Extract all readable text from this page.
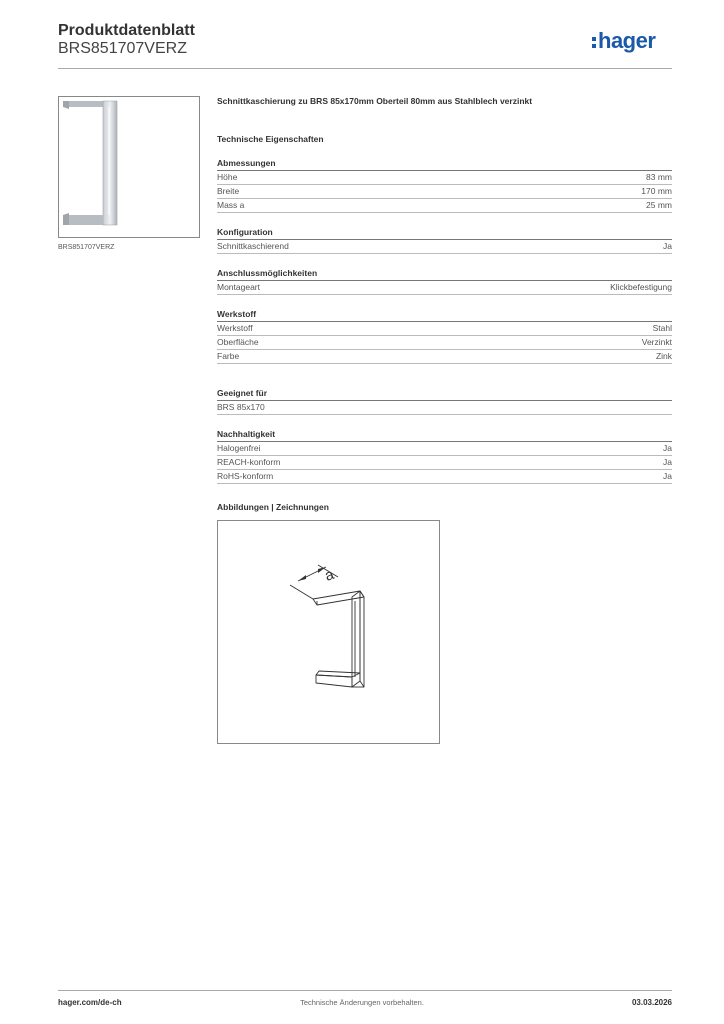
Produktdatenblatt
BRS851707VERZ	hager
BRS851707VERZ
Schnittkaschierung zu BRS 85x170mm Oberteil 80mm aus Stahlblech verzinkt
Technische Eigenschaften
Abmessungen
Höhe	83 mm
Breite	170 mm
Mass a	25 mm
Konfiguration
Schnittkaschierend	Ja
Anschlussmöglichkeiten
Montageart	Klickbefestigung
Werkstoff
Werkstoff	Stahl
Oberfläche	Verzinkt
Farbe	Zink
Geeignet für
BRS 85x170
Nachhaltigkeit
Halogenfrei	Ja
REACH-konform	Ja
RoHS-konform	Ja
Abbildungen | Zeichnungen
a
hager.com/de-ch	Technische Änderungen vorbehalten.	03.03.2026
